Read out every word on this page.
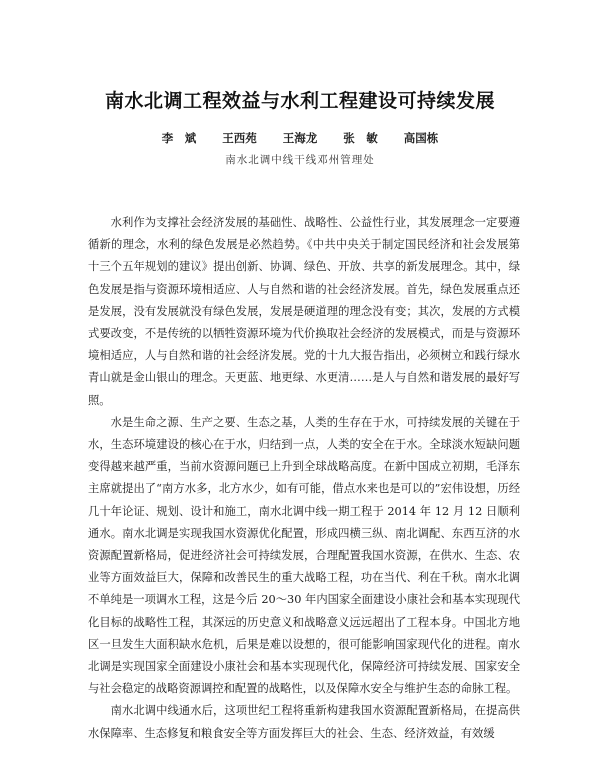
南水北调工程效益与水利工程建设可持续发展
李　斌 王西苑 王海龙 张　敏 高国栋
南水北调中线干线邓州管理处

水利作为支撑社会经济发展的基础性、战略性、公益性行业，其发展理念一定要遵循新的理念，水利的绿色发展是必然趋势。《中共中央关于制定国民经济和社会发展第十三个五年规划的建议》提出创新、协调、绿色、开放、共享的新发展理念。其中，绿色发展是指与资源环境相适应、人与自然和谐的社会经济发展。首先，绿色发展重点还是发展，没有发展就没有绿色发展，发展是硬道理的理念没有变；其次，发展的方式模式要改变，不是传统的以牺牲资源环境为代价换取社会经济的发展模式，而是与资源环境相适应，人与自然和谐的社会经济发展。党的十九大报告指出，必须树立和践行绿水青山就是金山银山的理念。天更蓝、地更绿、水更清……是人与自然和谐发展的最好写照。

水是生命之源、生产之要、生态之基，人类的生存在于水，可持续发展的关键在于水，生态环境建设的核心在于水，归结到一点，人类的安全在于水。全球淡水短缺问题变得越来越严重，当前水资源问题已上升到全球战略高度。在新中国成立初期，毛泽东主席就提出了“南方水多，北方水少，如有可能，借点水来也是可以的”宏伟设想，历经几十年论证、规划、设计和施工，南水北调中线一期工程于 2014 年 12 月 12 日顺利通水。南水北调是实现我国水资源优化配置，形成四横三纵、南北调配、东西互济的水资源配置新格局，促进经济社会可持续发展，合理配置我国水资源，在供水、生态、农业等方面效益巨大，保障和改善民生的重大战略工程，功在当代、利在千秋。南水北调不单纯是一项调水工程，这是今后 20～30 年内国家全面建设小康社会和基本实现现代化目标的战略性工程，其深远的历史意义和战略意义远远超出了工程本身。中国北方地区一旦发生大面积缺水危机，后果是难以设想的，很可能影响国家现代化的进程。南水北调是实现国家全面建设小康社会和基本实现现代化，保障经济可持续发展、国家安全与社会稳定的战略资源调控和配置的战略性，以及保障水安全与维护生态的命脉工程。

南水北调中线通水后，这项世纪工程将重新构建我国水资源配置新格局，在提高供水保障率、生态修复和粮食安全等方面发挥巨大的社会、生态、经济效益，有效缓
